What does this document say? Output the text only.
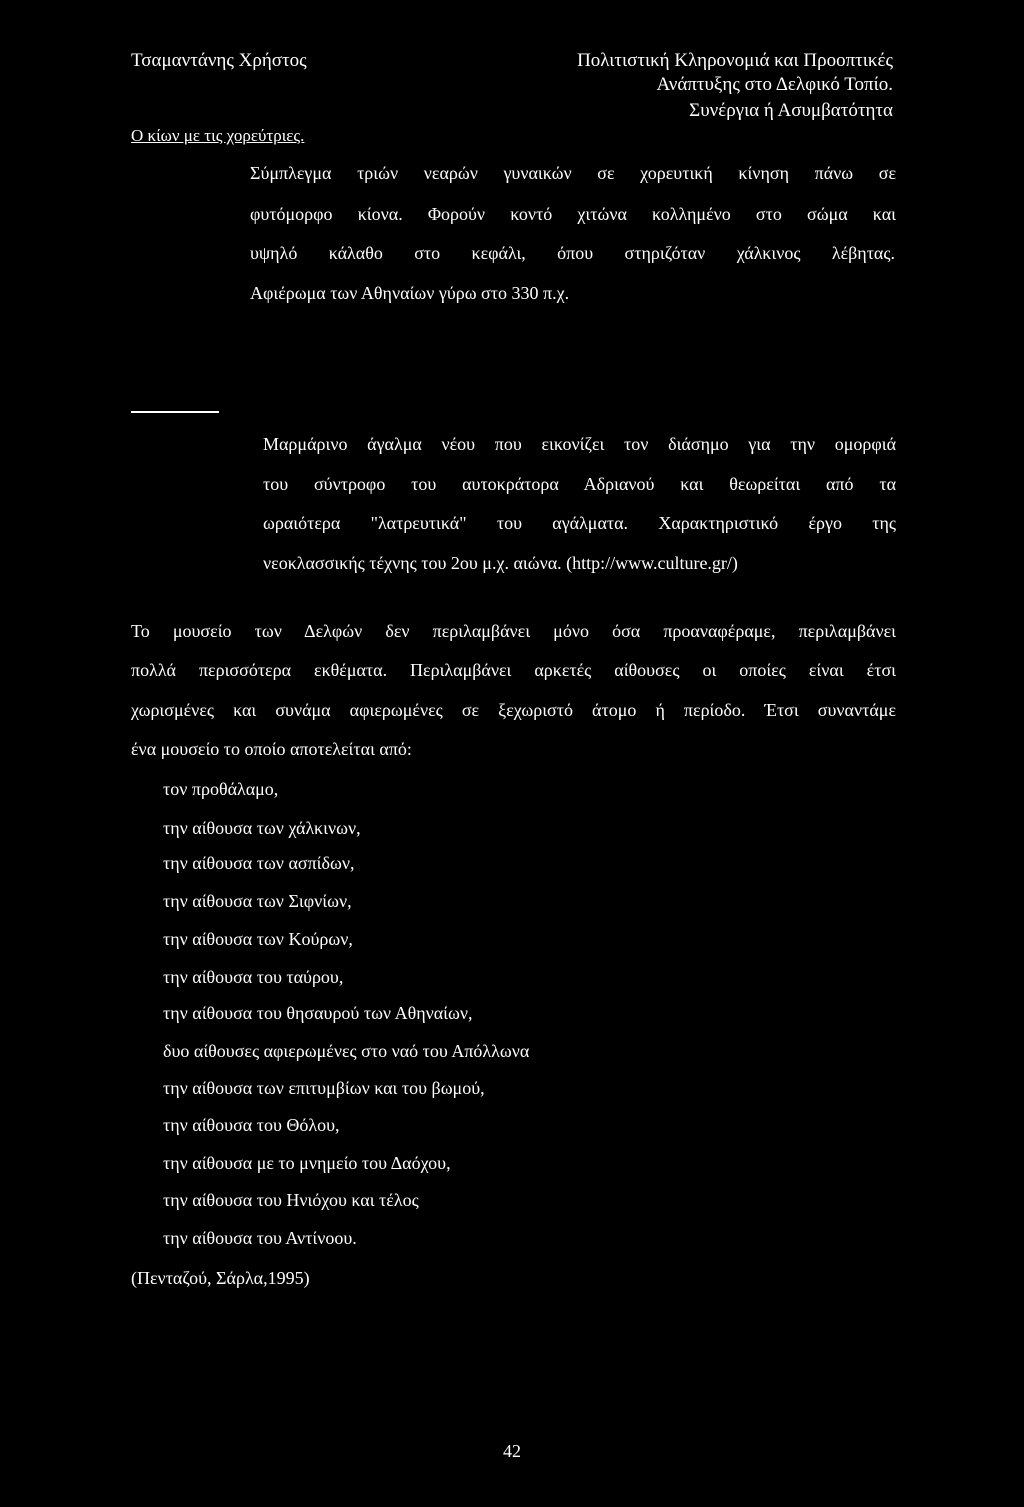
Τσαμαντάνης Χρήστος	Πολιτιστική Κληρονομιά και Προοπτικές

Ανάπτυξης στο Δελφικό Τοπίο.

Συνέργια ή Ασυμβατότητα

Ο κίων με τις χορεύτριες.

Σύμπλεγμα τριών νεαρών γυναικών σε χορευτική κίνηση πάνω σε
φυτόμορφο κίονα. Φορούν κοντό χιτώνα κολλημένο στο σώμα και
υψηλό κάλαθο στο κεφάλι, όπου στηριζόταν χάλκινος λέβητας.
Αφιέρωμα των Αθηναίων γύρω στο 330 π.χ.
Μαρμάρινο άγαλμα νέου που εικονίζει τον διάσημο για την ομορφιά
του σύντροφο του αυτοκράτορα Αδριανού και θεωρείται από τα
ωραιότερα "λατρευτικά" του αγάλματα. Χαρακτηριστικό έργο της
νεοκλασσικής τέχνης του 2ου μ.χ. αιώνα. (http://www.culture.gr/)
Το μουσείο των Δελφών δεν περιλαμβάνει μόνο όσα προαναφέραμε, περιλαμβάνει
πολλά περισσότερα εκθέματα. Περιλαμβάνει αρκετές αίθουσες οι οποίες είναι έτσι
χωρισμένες και συνάμα αφιερωμένες σε ξεχωριστό άτομο ή περίοδο. Έτσι συναντάμε
ένα μουσείο το οποίο αποτελείται από:
τον προθάλαμο,
την αίθουσα των χάλκινων,
την αίθουσα των ασπίδων,
την αίθουσα των Σιφνίων,
την αίθουσα των Κούρων,
την αίθουσα του ταύρου,
την αίθουσα του θησαυρού των Αθηναίων,
δυο αίθουσες αφιερωμένες στο ναό του Απόλλωνα
την αίθουσα των επιτυμβίων και του βωμού,
την αίθουσα του Θόλου,
την αίθουσα με το μνημείο του Δαόχου,
την αίθουσα του Ηνιόχου και τέλος
την αίθουσα του Αντίνοου.

(Πενταζού, Σάρλα,1995)

42
